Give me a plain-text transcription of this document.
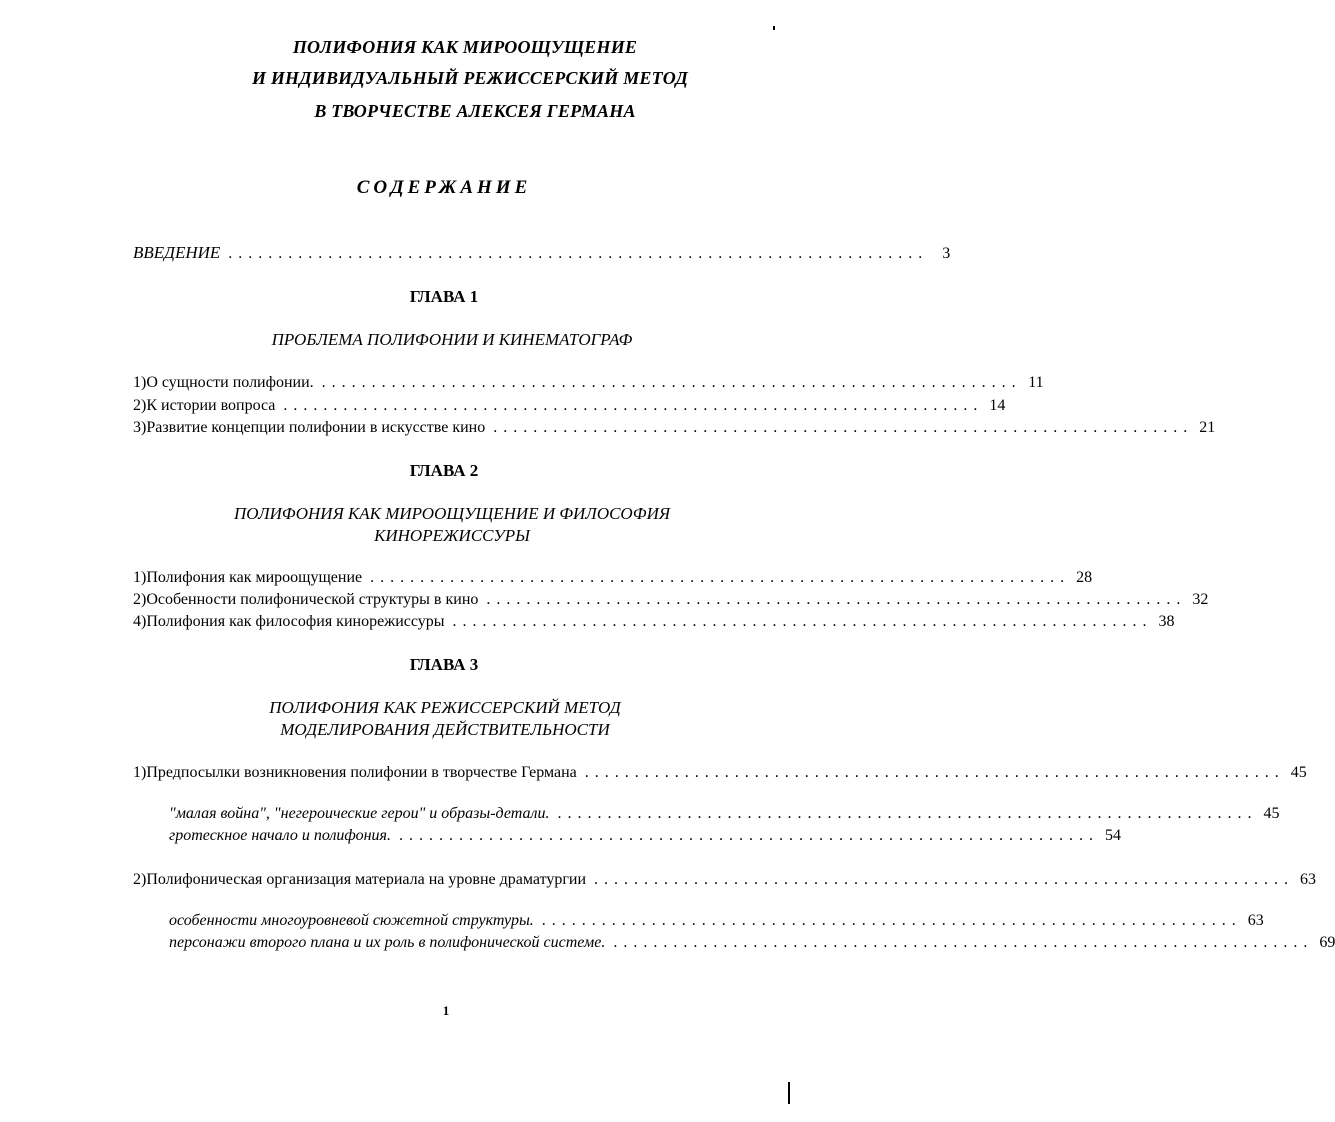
ПОЛИФОНИЯ КАК МИРООЩУЩЕНИЕ
И ИНДИВИДУАЛЬНЫЙ РЕЖИССЕРСКИЙ МЕТОД
В ТВОРЧЕСТВЕ АЛЕКСЕЯ ГЕРМАНА
СОДЕРЖАНИЕ
ВВЕДЕНИЕ ...................................................................... 3
ГЛАВА 1
ПРОБЛЕМА ПОЛИФОНИИ И КИНЕМАТОГРАФ
1) О сущности полифонии. ...................................................................... 11
2) К истории вопроса ...................................................................... 14
3) Развитие концепции полифонии в искусстве кино ...................................................................... 21
ГЛАВА 2
ПОЛИФОНИЯ КАК МИРООЩУЩЕНИЕ И ФИЛОСОФИЯ
КИНОРЕЖИССУРЫ
1) Полифония как мироощущение ...................................................................... 28
2) Особенности полифонической структуры в кино ...................................................................... 32
4) Полифония как философия кинорежиссуры ...................................................................... 38
ГЛАВА 3
ПОЛИФОНИЯ КАК РЕЖИССЕРСКИЙ МЕТОД
МОДЕЛИРОВАНИЯ ДЕЙСТВИТЕЛЬНОСТИ
1) Предпосылки возникновения полифонии в творчестве Германа ...................................................................... 45
"малая война", "негероические герои" и образы-детали. ...................................................................... 45
гротескное начало и полифония. ...................................................................... 54
2) Полифоническая организация материала на уровне драматургии ...................................................................... 63
особенности многоуровневой сюжетной структуры. ...................................................................... 63
персонажи второго плана и их роль в полифонической системе. ...................................................................... 69
1
